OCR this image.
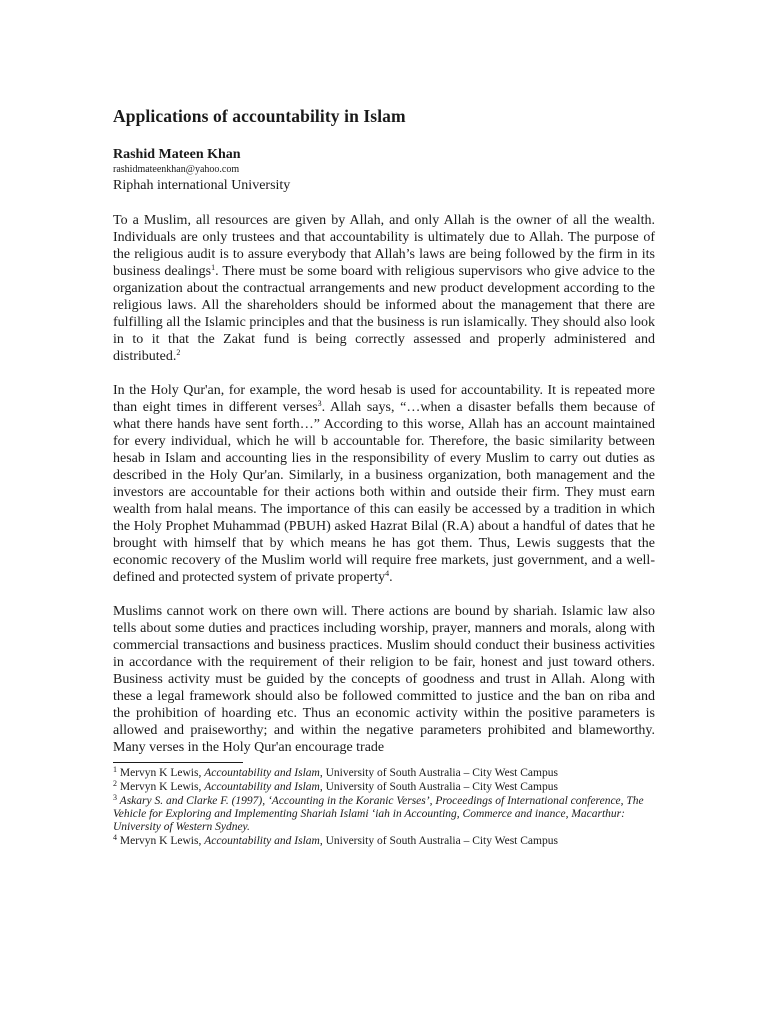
Applications of accountability in Islam
Rashid Mateen Khan
rashidmateenkhan@yahoo.com
Riphah international University

To a Muslim, all resources are given by Allah, and only Allah is the owner of all the wealth. Individuals are only trustees and that accountability is ultimately due to Allah. The purpose of the religious audit is to assure everybody that Allah’s laws are being followed by the firm in its business dealings$^1$. There must be some board with religious supervisors who give advice to the organization about the contractual arrangements and new product development according to the religious laws. All the shareholders should be informed about the management that there are fulfilling all the Islamic principles and that the business is run islamically. They should also look in to it that the Zakat fund is being correctly assessed and properly administered and distributed.$^2$

In the Holy Qur'an, for example, the word hesab is used for accountability. It is repeated more than eight times in different verses$^3$. Allah says, “…when a disaster befalls them because of what there hands have sent forth…” According to this worse, Allah has an account maintained for every individual, which he will b accountable for. Therefore, the basic similarity between hesab in Islam and accounting lies in the responsibility of every Muslim to carry out duties as described in the Holy Qur'an. Similarly, in a business organization, both management and the investors are accountable for their actions both within and outside their firm. They must earn wealth from halal means. The importance of this can easily be accessed by a tradition in which the Holy Prophet Muhammad (PBUH) asked Hazrat Bilal (R.A) about a handful of dates that he brought with himself that by which means he has got them. Thus, Lewis suggests that the economic recovery of the Muslim world will require free markets, just government, and a well-defined and protected system of private property$^4$.

Muslims cannot work on there own will. There actions are bound by shariah. Islamic law also tells about some duties and practices including worship, prayer, manners and morals, along with commercial transactions and business practices. Muslim should conduct their business activities in accordance with the requirement of their religion to be fair, honest and just toward others. Business activity must be guided by the concepts of goodness and trust in Allah. Along with these a legal framework should also be followed committed to justice and the ban on riba and the prohibition of hoarding etc. Thus an economic activity within the positive parameters is allowed and praiseworthy; and within the negative parameters prohibited and blameworthy. Many verses in the Holy Qur'an encourage trade

$^1$ Mervyn K Lewis, Accountability and Islam, University of South Australia – City West Campus

$^2$ Mervyn K Lewis, Accountability and Islam, University of South Australia – City West Campus

$^3$ Askary S. and Clarke F. (1997), ‘Accounting in the Koranic Verses’, Proceedings of International conference, The Vehicle for Exploring and Implementing Shariah Islami ‘iah in Accounting, Commerce and inance, Macarthur: University of Western Sydney.

$^4$ Mervyn K Lewis, Accountability and Islam, University of South Australia – City West Campus
